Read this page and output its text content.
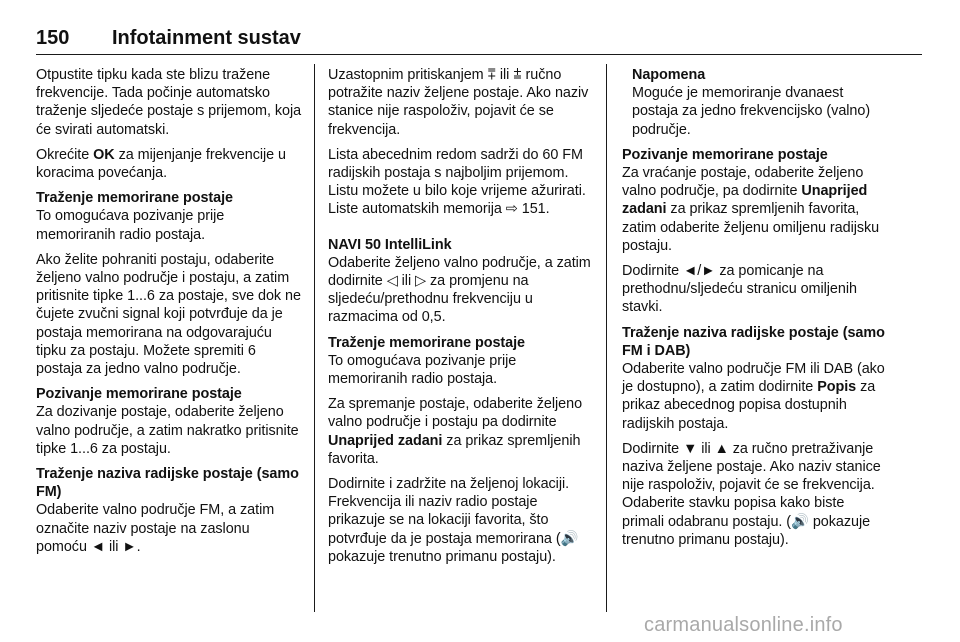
150	Infotainment sustav

Otpustite tipku kada ste blizu tražene frekvencije. Tada počinje automatsko traženje sljedeće postaje s prijemom, koja će svirati automatski.

Okrećite OK za mijenjanje frekvencije u koracima povećanja.

Traženje memorirane postaje

To omogućava pozivanje prije memoriranih radio postaja.

Ako želite pohraniti postaju, odaberite željeno valno područje i postaju, a zatim pritisnite tipke 1...6 za postaje, sve dok ne čujete zvučni signal koji potvrđuje da je postaja memorirana na odgovarajuću tipku za postaju. Možete spremiti 6 postaja za jedno valno područje.

Pozivanje memorirane postaje

Za dozivanje postaje, odaberite željeno valno područje, a zatim nakratko pritisnite tipke 1...6 za postaju.

Traženje naziva radijske postaje (samo FM)

Odaberite valno područje FM, a zatim označite naziv postaje na zaslonu pomoću ◄ ili ►.

Uzastopnim pritiskanjem ⩱ ili ⩲ ručno potražite naziv željene postaje. Ako naziv stanice nije raspoloživ, pojavit će se frekvencija.

Lista abecednim redom sadrži do 60 FM radijskih postaja s najboljim prijemom. Listu možete u bilo koje vrijeme ažurirati. Liste automatskih memorija ⇨ 151.

NAVI 50 IntelliLink

Odaberite željeno valno područje, a zatim dodirnite ◁ ili ▷ za promjenu na sljedeću/prethodnu frekvenciju u razmacima od 0,5.

Traženje memorirane postaje

To omogućava pozivanje prije memoriranih radio postaja.

Za spremanje postaje, odaberite željeno valno područje i postaju pa dodirnite Unaprijed zadani za prikaz spremljenih favorita.

Dodirnite i zadržite na željenoj lokaciji. Frekvencija ili naziv radio postaje prikazuje se na lokaciji favorita, što potvrđuje da je postaja memorirana (🔊 pokazuje trenutno primanu postaju).

Napomena

Moguće je memoriranje dvanaest postaja za jedno frekvencijsko (valno) područje.

Pozivanje memorirane postaje

Za vraćanje postaje, odaberite željeno valno područje, pa dodirnite Unaprijed zadani za prikaz spremljenih favorita, zatim odaberite željenu omiljenu radijsku postaju.

Dodirnite ◄/► za pomicanje na prethodnu/sljedeću stranicu omiljenih stavki.

Traženje naziva radijske postaje (samo FM i DAB)

Odaberite valno područje FM ili DAB (ako je dostupno), a zatim dodirnite Popis za prikaz abecednog popisa dostupnih radijskih postaja.

Dodirnite ▼ ili ▲ za ručno pretraživanje naziva željene postaje. Ako naziv stanice nije raspoloživ, pojavit će se frekvencija. Odaberite stavku popisa kako biste primali odabranu postaju. (🔊 pokazuje trenutno primanu postaju).

carmanualsonline.info
